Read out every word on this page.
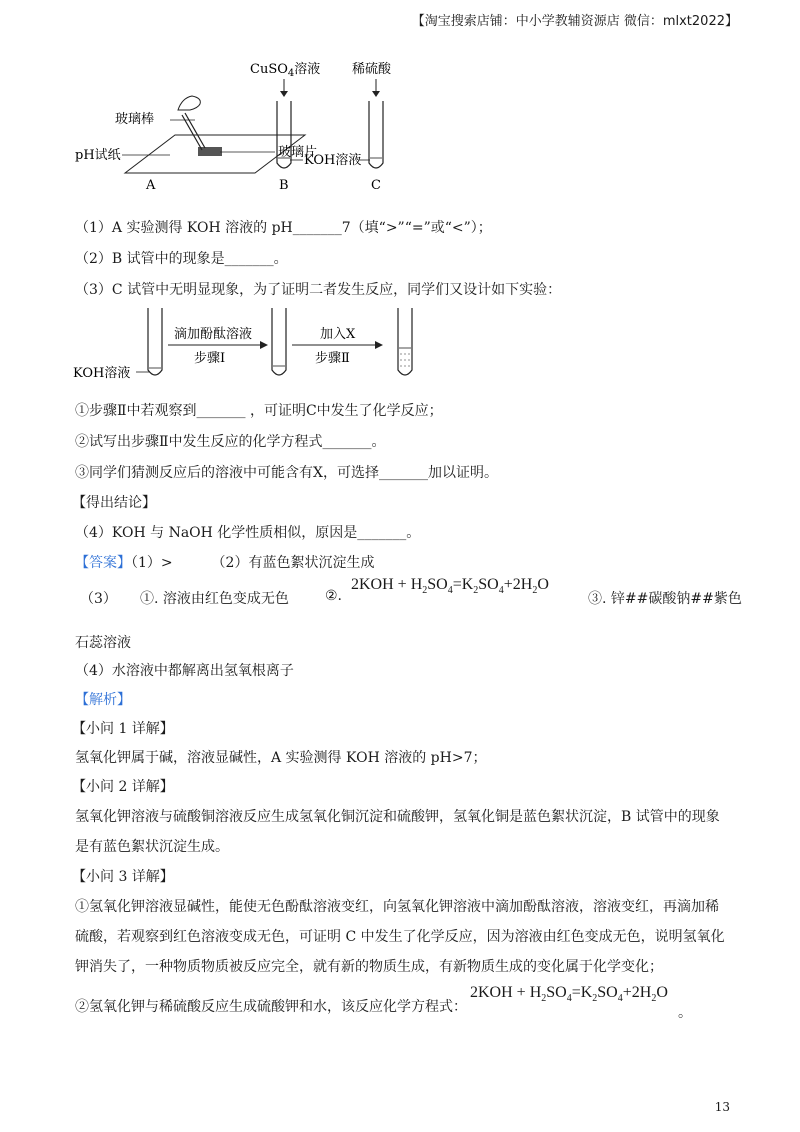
【淘宝搜索店铺：中小学教辅资源店 微信：mlxt2022】
玻璃棒
pH试纸	玻璃片
A
CuSO$_4$溶液
KOH溶液
B
稀硫酸
C
（1）A 实验测得 KOH 溶液的 pH_______7（填“>”“=”或“<”）；
（2）B 试管中的现象是_______。
（3）C 试管中无明显现象，为了证明二者发生反应，同学们又设计如下实验：
KOH溶液
滴加酚酞溶液
步骤Ⅰ
加入X
步骤Ⅱ
①步骤Ⅱ中若观察到_______ ，可证明C中发生了化学反应；
②试写出步骤Ⅱ中发生反应的化学方程式_______。
③同学们猜测反应后的溶液中可能含有X，可选择_______加以证明。
【得出结论】
（4）KOH 与 NaOH 化学性质相似，原因是_______。
【答案】（1）>	（2）有蓝色絮状沉淀生成
（3） ①. 溶液由红色变成无色	②.
$2KOH + H_2SO_4=K_2SO_4+2H_2O$
③. 锌##碳酸钠##紫色
石蕊溶液
（4）水溶液中都解离出氢氧根离子
【解析】
【小问 1 详解】
氢氧化钾属于碱，溶液显碱性，A 实验测得 KOH 溶液的 pH>7；
【小问 2 详解】
氢氧化钾溶液与硫酸铜溶液反应生成氢氧化铜沉淀和硫酸钾，氢氧化铜是蓝色絮状沉淀，B 试管中的现象
是有蓝色絮状沉淀生成。
【小问 3 详解】
①氢氧化钾溶液显碱性，能使无色酚酞溶液变红，向氢氧化钾溶液中滴加酚酞溶液，溶液变红，再滴加稀
硫酸，若观察到红色溶液变成无色，可证明 C 中发生了化学反应，因为溶液由红色变成无色，说明氢氧化
钾消失了，一种物质物质被反应完全，就有新的物质生成，有新物质生成的变化属于化学变化；
②氢氧化钾与稀硫酸反应生成硫酸钾和水，该反应化学方程式：
$2KOH + H_2SO_4=K_2SO_4+2H_2O$
。
13
